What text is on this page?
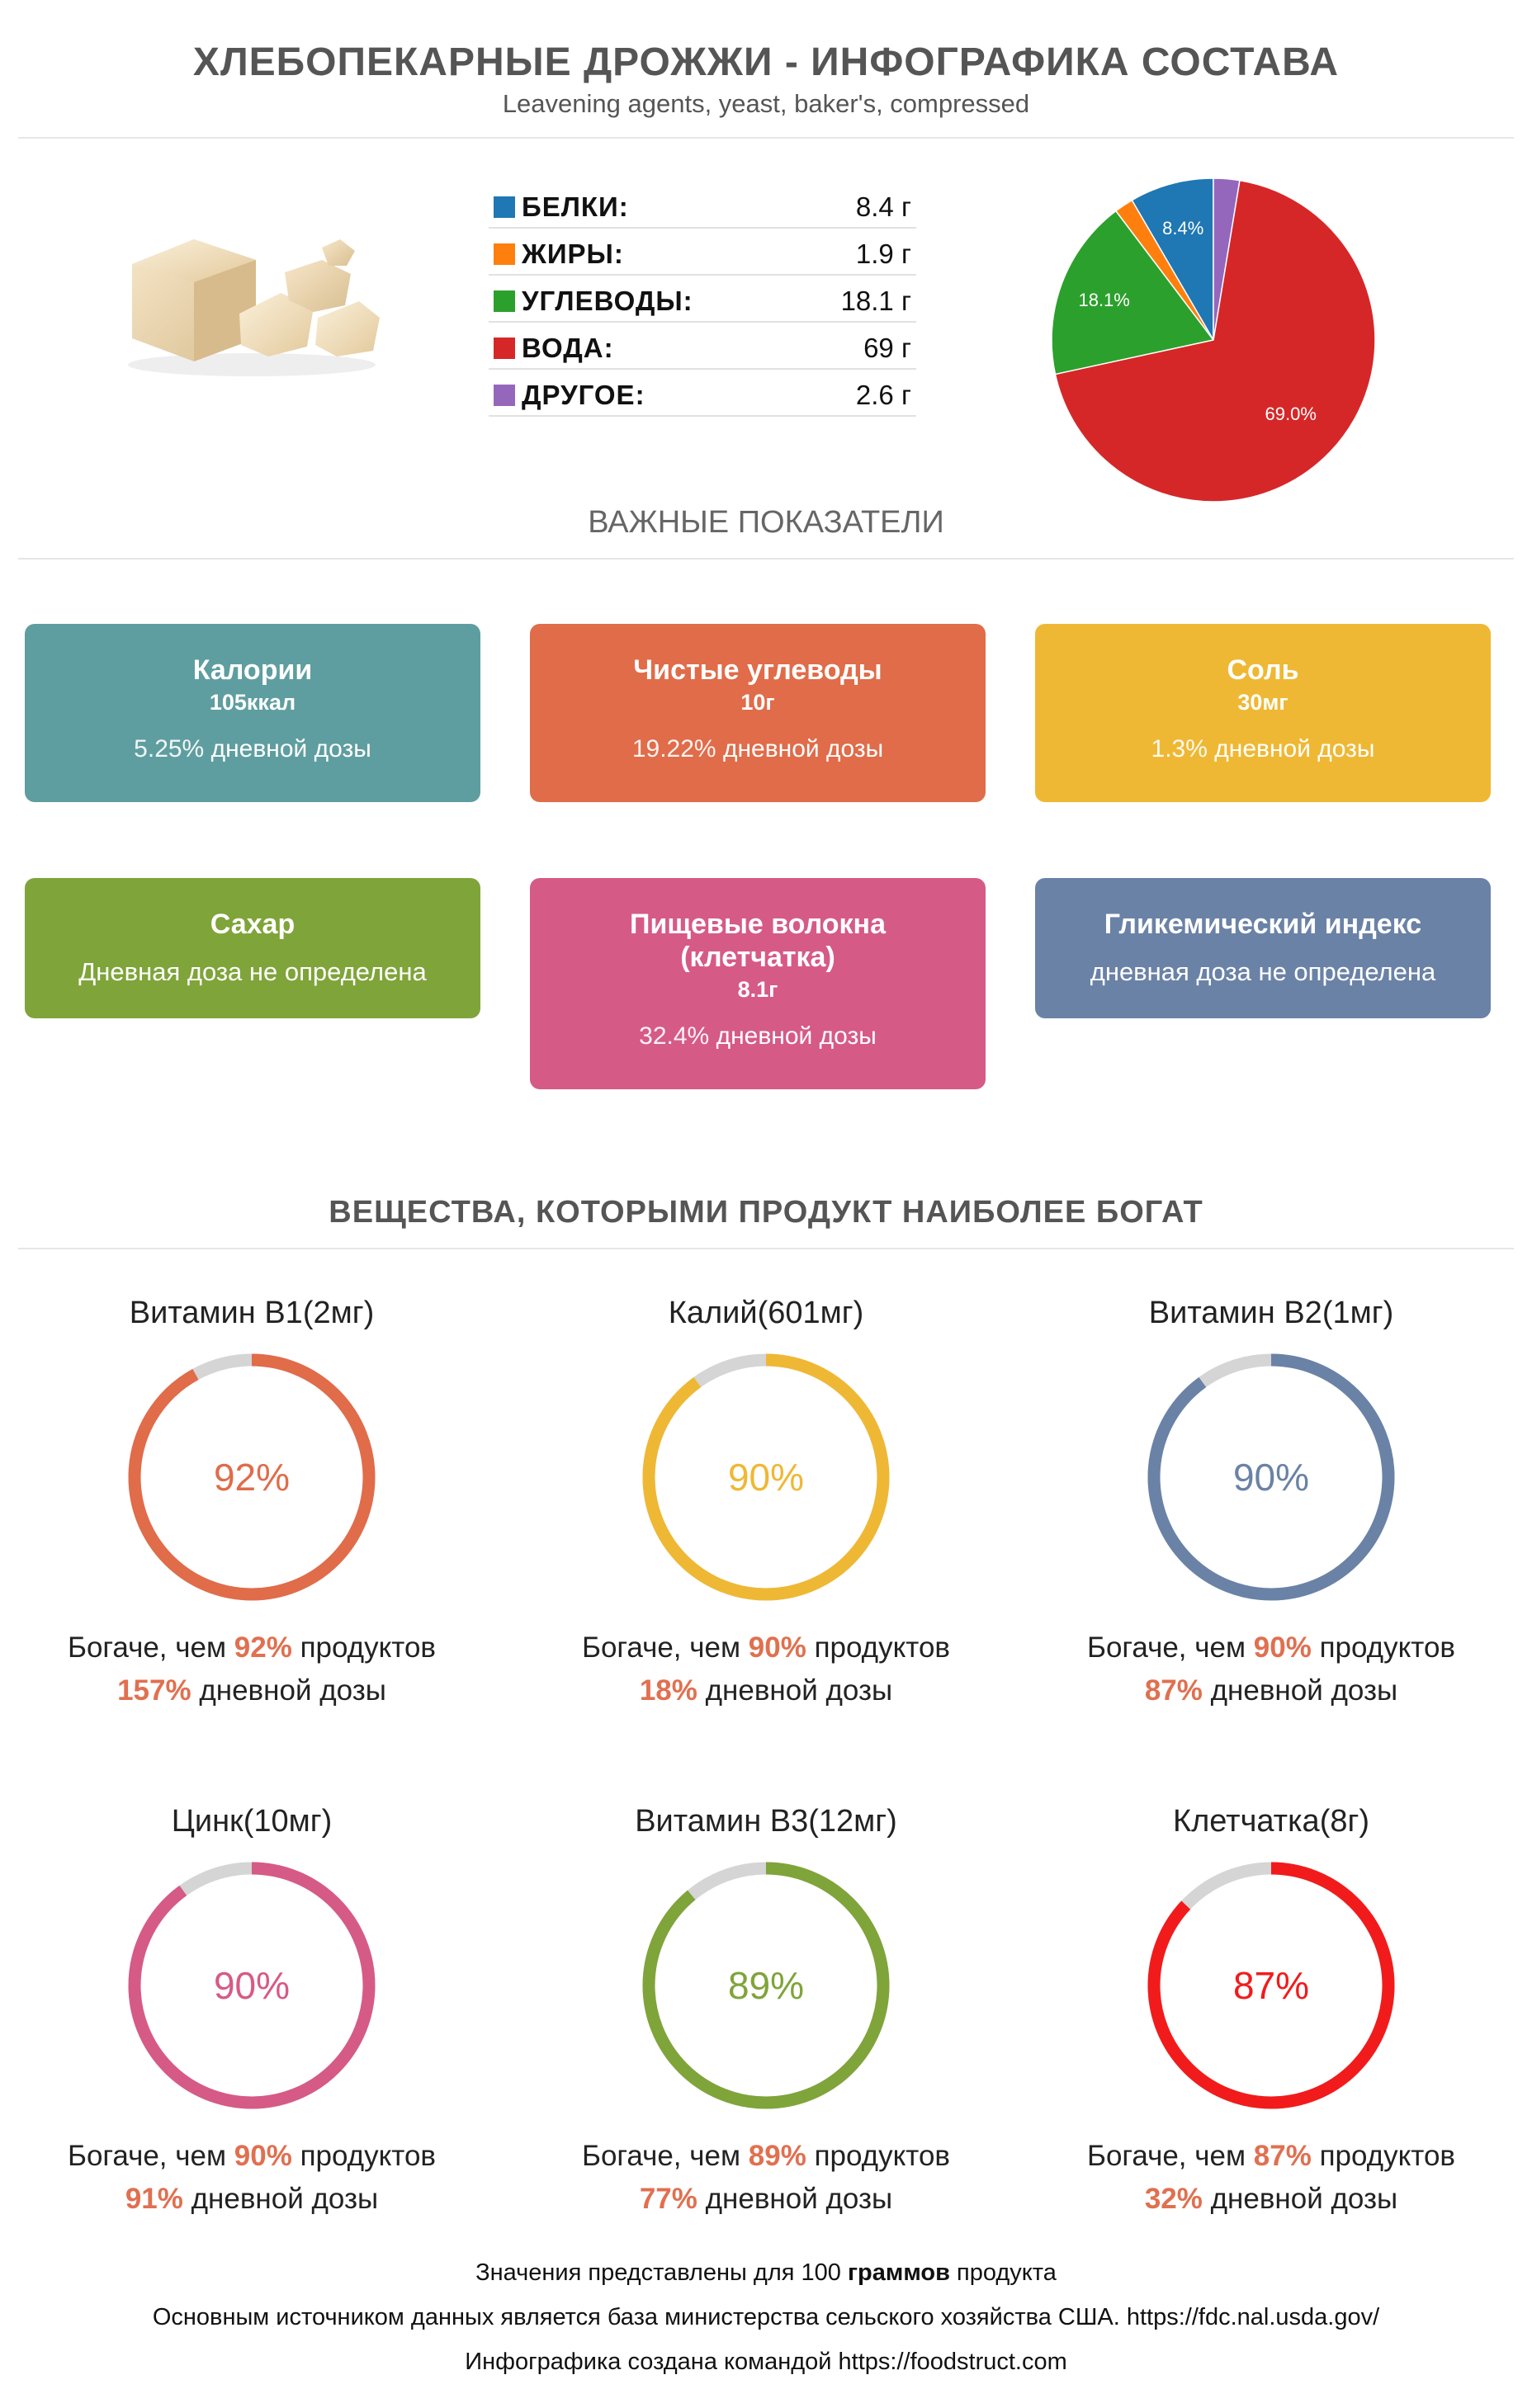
ХЛЕБОПЕКАРНЫЕ ДРОЖЖИ - ИНФОГРАФИКА СОСТАВА
Leavening agents, yeast, baker's, compressed
БЕЛКИ:	8.4 г
ЖИРЫ:	1.9 г
УГЛЕВОДЫ:	18.1 г
ВОДА:	69 г
ДРУГОЕ:	2.6 г
8.4%
18.1%
69.0%
ВАЖНЫЕ ПОКАЗАТЕЛИ
Калории
105ккал
5.25% дневной дозы
Чистые углеводы
10г
19.22% дневной дозы
Соль
30мг
1.3% дневной дозы
Сахар
Дневная доза не определена
Пищевые волокна (клетчатка)
8.1г
32.4% дневной дозы
Гликемический индекс
дневная доза не определена
ВЕЩЕСТВА, КОТОРЫМИ ПРОДУКТ НАИБОЛЕЕ БОГАТ
Витамин B1(2мг)
92%
Богаче, чем 92% продуктов
157% дневной дозы
Калий(601мг)
90%
Богаче, чем 90% продуктов
18% дневной дозы
Витамин B2(1мг)
90%
Богаче, чем 90% продуктов
87% дневной дозы
Цинк(10мг)
90%
Богаче, чем 90% продуктов
91% дневной дозы
Витамин B3(12мг)
89%
Богаче, чем 89% продуктов
77% дневной дозы
Клетчатка(8г)
87%
Богаче, чем 87% продуктов
32% дневной дозы
Значения представлены для 100 граммов продукта
Основным источником данных является база министерства сельского хозяйства США. https://fdc.nal.usda.gov/
Инфографика создана командой https://foodstruct.com
